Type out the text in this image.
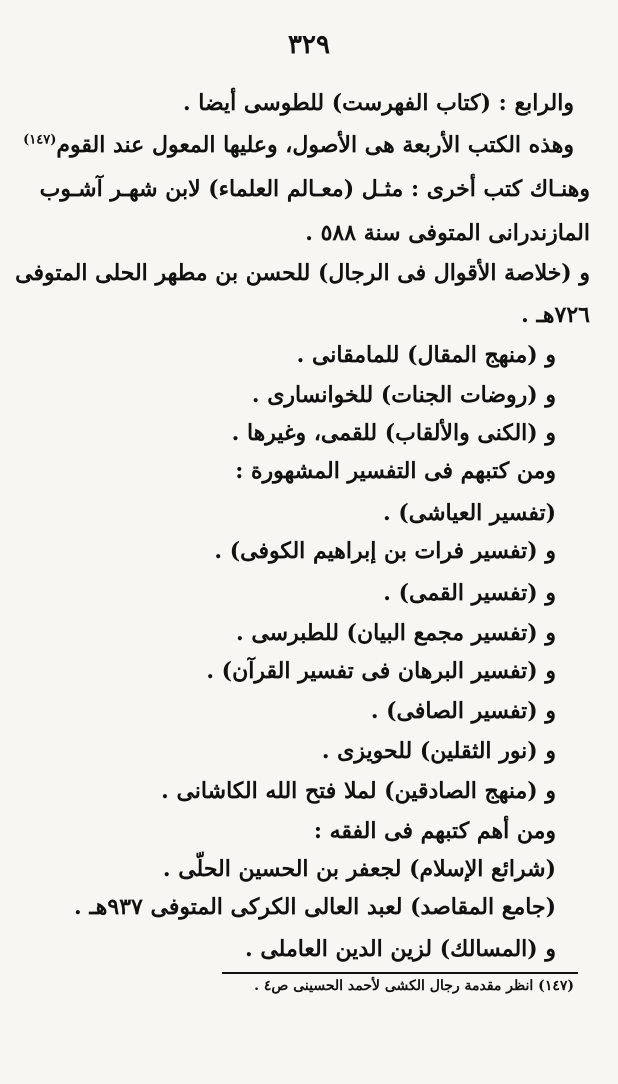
٣٢٩
والرابع : (كتاب الفهرست) للطوسى أيضا .
وهذه الكتب الأربعة هى الأصول، وعليها المعول عند القوم$^{(١٤٧)}$
وهنـاك كتب أخرى : مثـل (معـالم العلماء) لابن شهـر آشـوب
المازندرانى المتوفى سنة ٥٨٨ .
و (خلاصة الأقوال فى الرجال) للحسن بن مطهر الحلى المتوفى
٧٢٦هـ .
و (منهج المقال) للمامقانى .
و (روضات الجنات) للخوانسارى .
و (الكنى والألقاب) للقمى، وغيرها .
ومن كتبهم فى التفسير المشهورة :
(تفسير العياشى) .
و (تفسير فرات بن إبراهيم الكوفى) .
و (تفسير القمى) .
و (تفسير مجمع البيان) للطبرسى .
و (تفسير البرهان فى تفسير القرآن) .
و (تفسير الصافى) .
و (نور الثقلين) للحويزى .
و (منهج الصادقين) لملا فتح الله الكاشانى .
ومن أهم كتبهم فى الفقه :
(شرائع الإسلام) لجعفر بن الحسين الحلّى .
(جامع المقاصد) لعبد العالى الكركى المتوفى ٩٣٧هـ .
و (المسالك) لزين الدين العاملى .
(١٤٧) انظر مقدمة رجال الكشى لأحمد الحسينى ص٤ .
